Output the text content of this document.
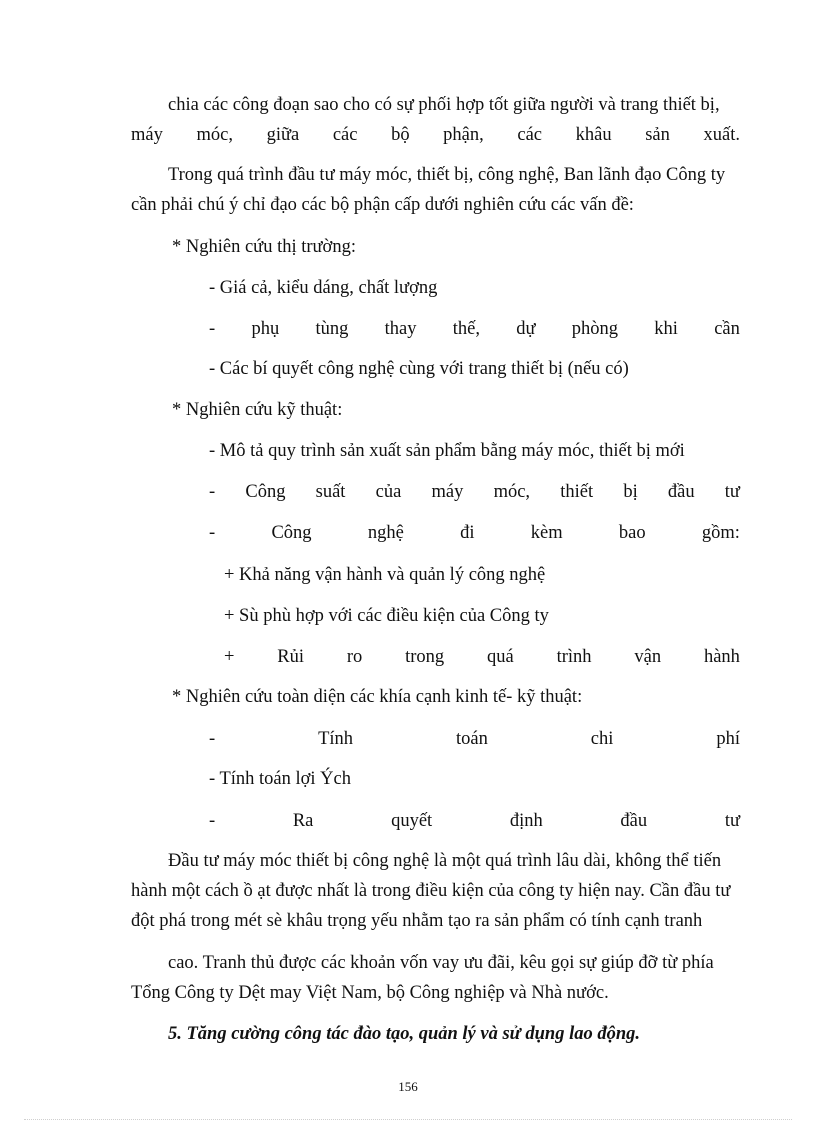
chia các công đoạn sao cho có sự phối hợp tốt giữa người và trang thiết bị,
máy móc, giữa các bộ phận, các khâu sản xuất.
Trong quá trình đầu tư máy móc, thiết bị, công nghệ, Ban lãnh đạo Công ty
cần phải chú ý chỉ đạo các bộ phận cấp dưới nghiên cứu các vấn đề:
* Nghiên cứu thị trường:
- Giá cả, kiểu dáng, chất lượng
- phụ tùng thay thế, dự phòng khi cần
- Các bí quyết công nghệ cùng với trang thiết bị (nếu có)
* Nghiên cứu kỹ thuật:
- Mô tả quy trình sản xuất sản phẩm bằng máy móc, thiết bị mới
- Công suất của máy móc, thiết bị đầu tư
-	Công	nghệ	đi	kèm	bao	gồm:
+ Khả năng vận hành và quản lý công nghệ
+ Sù phù hợp với các điều kiện của Công ty
+ Rủi ro trong quá trình vận hành
* Nghiên cứu toàn diện các khía cạnh kinh tế- kỹ thuật:
-	Tính	toán	chi	phí
- Tính toán lợi Ých
-	Ra	quyết	định	đầu	tư
Đầu tư máy móc thiết bị công nghệ là một quá trình lâu dài, không thể tiến
hành một cách ồ ạt được nhất là trong điều kiện của công ty hiện nay. Cần đầu tư
đột phá trong mét sè khâu trọng yếu nhằm tạo ra sản phẩm có tính cạnh tranh
cao. Tranh thủ được các khoản vốn vay ưu đãi, kêu gọi sự giúp đỡ từ phía
Tổng Công ty Dệt may Việt Nam, bộ Công nghiệp và Nhà nước.
5. Tăng cường công tác đào tạo, quản lý và sử dụng lao động.
156
